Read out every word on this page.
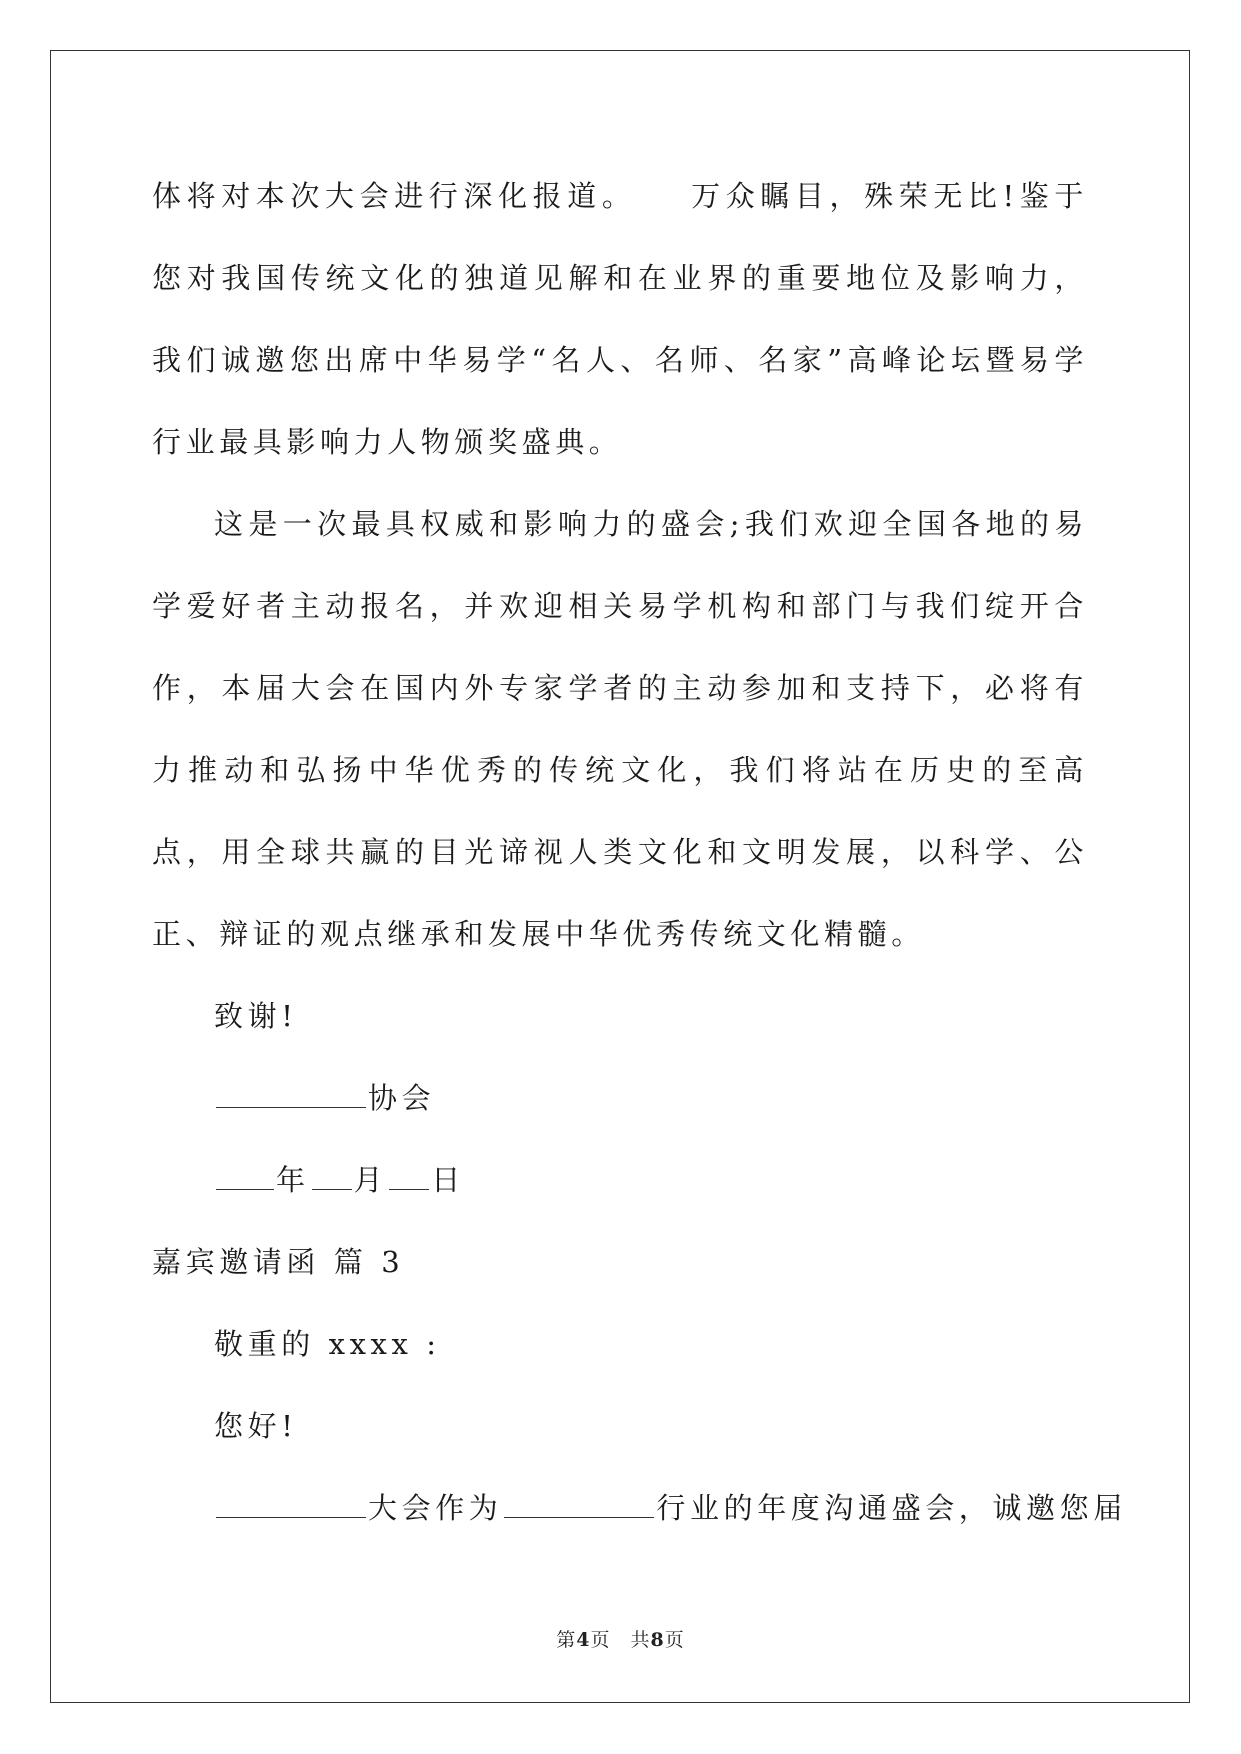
体将对本次大会进行深化报道。　　万众瞩目，殊荣无比!鉴于您对我国传统文化的独道见解和在业界的重要地位及影响力，我们诚邀您出席中华易学“名人、名师、名家”高峰论坛暨易学行业最具影响力人物颁奖盛典。

这是一次最具权威和影响力的盛会;我们欢迎全国各地的易学爱好者主动报名，并欢迎相关易学机构和部门与我们绽开合作，本届大会在国内外专家学者的主动参加和支持下，必将有力推动和弘扬中华优秀的传统文化，我们将站在历史的至高点，用全球共赢的目光谛视人类文化和文明发展，以科学、公正、辩证的观点继承和发展中华优秀传统文化精髓。

致谢!

协会

年 月 日

嘉宾邀请函 篇 3

敬重的 xxxx :

您好!

大会作为	行业的年度沟通盛会，诚邀您届

第4页　共8页
